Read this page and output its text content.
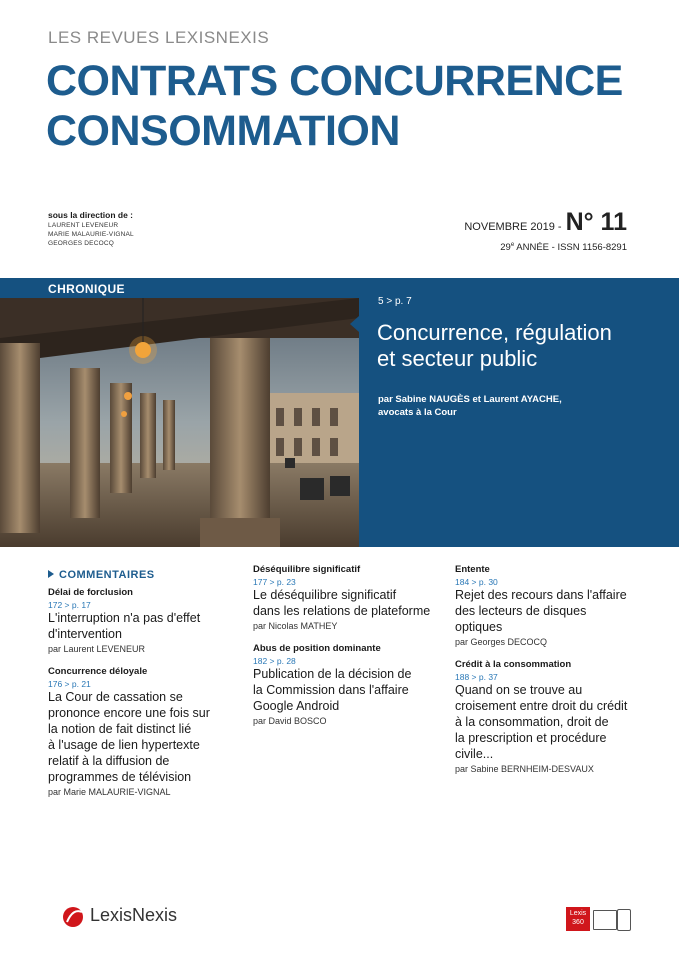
LES REVUES LEXISNEXIS
CONTRATS CONCURRENCE
CONSOMMATION
sous la direction de :
LAURENT LEVENEUR
MARIE MALAURIE-VIGNAL
GEORGES DECOCQ
NOVEMBRE 2019 - N° 11
29e ANNÉE - ISSN 1156-8291
CHRONIQUE
5 > p. 7
Concurrence, régulation
et secteur public
par Sabine NAUGÈS et Laurent AYACHE,
avocats à la Cour
COMMENTAIRES
Délai de forclusion
172 > p. 17
L'interruption n'a pas d'effet
d'intervention
par Laurent LEVENEUR
Concurrence déloyale
176 > p. 21
La Cour de cassation se
prononce encore une fois sur
la notion de fait distinct lié
à l'usage de lien hypertexte
relatif à la diffusion de
programmes de télévision
par Marie MALAURIE-VIGNAL
Déséquilibre significatif
177 > p. 23
Le déséquilibre significatif
dans les relations de plateforme
par Nicolas MATHEY
Abus de position dominante
182 > p. 28
Publication de la décision de
la Commission dans l'affaire
Google Android
par David BOSCO
Entente
184 > p. 30
Rejet des recours dans l'affaire
des lecteurs de disques
optiques
par Georges DECOCQ
Crédit à la consommation
188 > p. 37
Quand on se trouve au
croisement entre droit du crédit
à la consommation, droit de
la prescription et procédure
civile...
par Sabine BERNHEIM-DESVAUX
LexisNexis	Lexis
360
